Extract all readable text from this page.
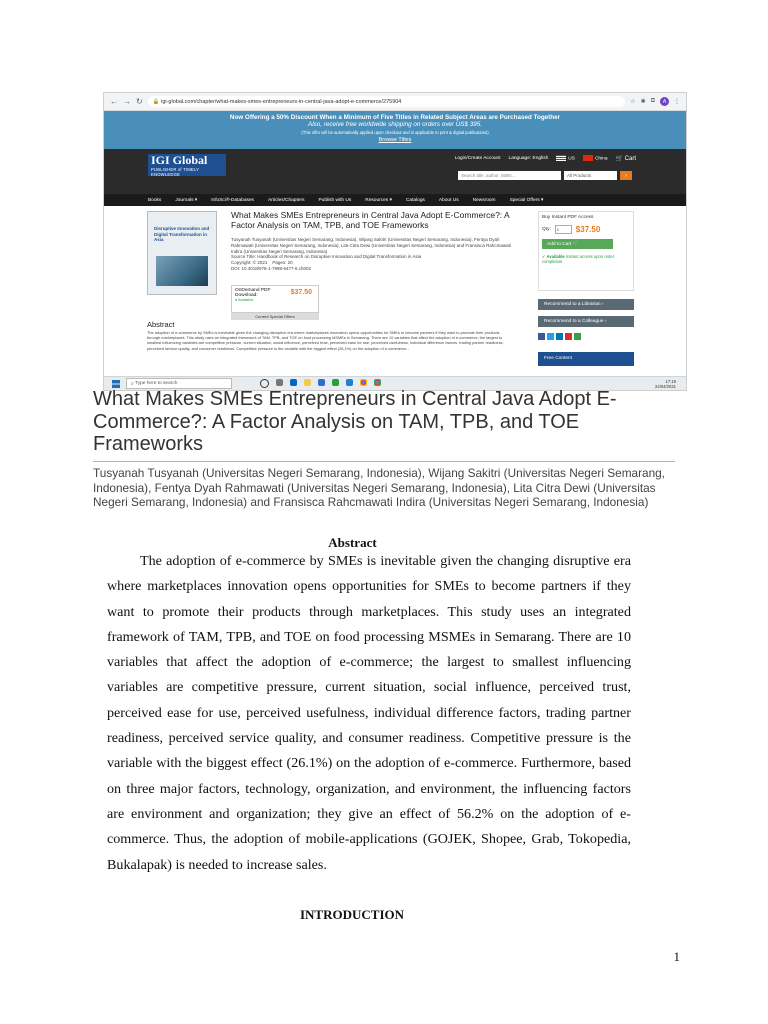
← → ↻ 🔒 igi-global.com/chapter/what-makes-smes-entrepreneurs-in-central-java-adopt-e-commerce/275904	☆ ✱ ⧉	A	⋮
Now Offering a 50% Discount When a Minimum of Five Titles in Related Subject Areas are Purchased Together
Also, receive free worldwide shipping on orders over US$ 395.
(This offer will be automatically applied upon checkout and is applicable to print & digital publications)
Browse Titles
IGI Global
PUBLISHER of TIMELY KNOWLEDGE
Login/Create Account Language: English	US	China 🛒 Cart
Search title, author, ISBN...	All Products	›
Books	Journals ▾	InfoSci®-Databases	Articles/Chapters	Publish with Us	Resources ▾	Catalogs	About Us	Newsroom	Special Offers ▾
Disruptive Innovation and Digital Transformation in Asia
What Makes SMEs Entrepreneurs in Central Java Adopt E-Commerce?: A Factor Analysis on TAM, TPB, and TOE Frameworks
Tusyanah Tusyanah (Universitas Negeri Semarang, Indonesia), Wijang Sakitri (Universitas Negeri Semarang, Indonesia), Fentya Dyah Rahmawati (Universitas Negeri Semarang, Indonesia), Lita Citra Dewi (Universitas Negeri Semarang, Indonesia) and Fransisca Rahcmawati Indira (Universitas Negeri Semarang, Indonesia)
Source Title: Handbook of Research on Disruptive Innovation and Digital Transformation in Asia
Copyright: © 2021 Pages: 20
DOI: 10.4018/978-1-7998-6477-6.ch002
OnDemand PDF Download:	$37.50
● Available
Current Special Offers
Buy Instant PDF Access
Qty:	1	$37.50
Add to Cart
🛒
✓ Available Instant access upon order completion.
Recommend to a Librarian ›
Recommend to a Colleague ›
Free Content
Abstract
The adoption of e-commerce by SMEs is inevitable given the changing disruptive era where marketplaces innovation opens opportunities for SMEs to become partners if they want to promote their products through marketplaces. This study uses an integrated framework of TAM, TPB, and TOE on food processing MSMEs in Semarang. There are 10 variables that affect the adoption of e-commerce; the largest to smallest influencing variables are competitive pressure, current situation, social influence, perceived trust, perceived ease for use, perceived usefulness, individual difference factors, trading partner readiness, perceived service quality, and consumer readiness. Competitive pressure is the variable with the biggest effect (26.1%) on the adoption of e-commerce...
⌕ Type here to search	17:19
24/04/2021
What Makes SMEs Entrepreneurs in Central Java Adopt E-Commerce?: A Factor Analysis on TAM, TPB, and TOE Frameworks

Tusyanah Tusyanah (Universitas Negeri Semarang, Indonesia), Wijang Sakitri (Universitas Negeri Semarang, Indonesia), Fentya Dyah Rahmawati (Universitas Negeri Semarang, Indonesia), Lita Citra Dewi (Universitas Negeri Semarang, Indonesia) and Fransisca Rahcmawati Indira (Universitas Negeri Semarang, Indonesia)

Abstract

The adoption of e-commerce by SMEs is inevitable given the changing disruptive era where marketplaces innovation opens opportunities for SMEs to become partners if they want to promote their products through marketplaces. This study uses an integrated framework of TAM, TPB, and TOE on food processing MSMEs in Semarang. There are 10 variables that affect the adoption of e-commerce; the largest to smallest influencing variables are competitive pressure, current situation, social influence, perceived trust, perceived ease for use, perceived usefulness, individual difference factors, trading partner readiness, perceived service quality, and consumer readiness. Competitive pressure is the variable with the biggest effect (26.1%) on the adoption of e-commerce. Furthermore, based on three major factors, technology, organization, and environment, the influencing factors are environment and organization; they give an effect of 56.2% on the adoption of e-commerce. Thus, the adoption of mobile-applications (GOJEK, Shopee, Grab, Tokopedia, Bukalapak) is needed to increase sales.

INTRODUCTION
1
